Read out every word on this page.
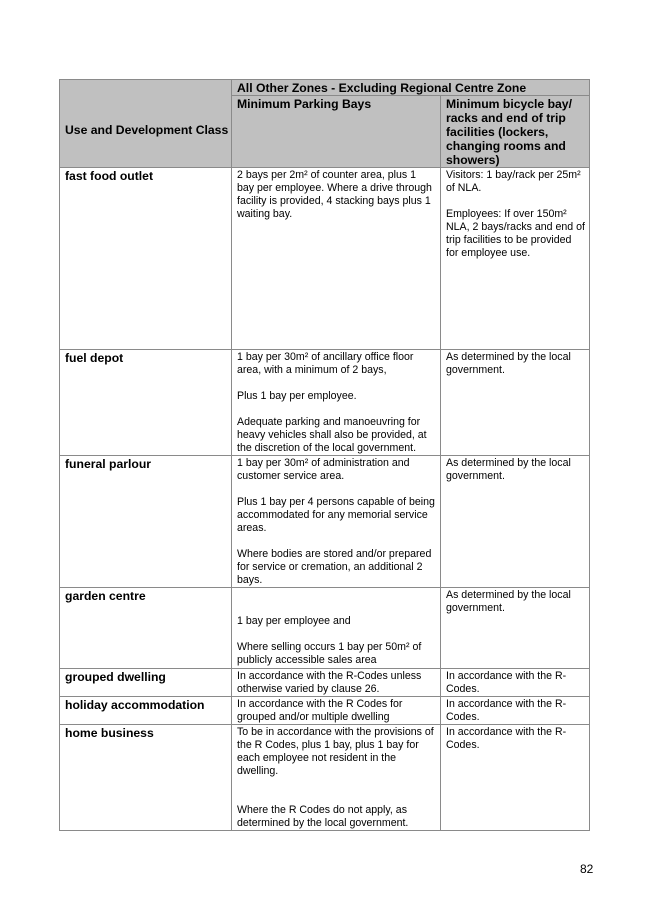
Use and Development Class	All Other Zones - Excluding Regional Centre Zone	
	Minimum Parking Bays	Minimum bicycle bay/ racks and end of trip facilities (lockers, changing rooms and showers)
fast food outlet	2 bays per 2m² of counter area, plus 1 bay per employee. Where a drive through facility is provided, 4 stacking bays plus 1 waiting bay.	Visitors: 1 bay/rack per 25m² of NLA.

Employees: If over 150m² NLA, 2 bays/racks and end of trip facilities to be provided for employee use.

fuel depot	1 bay per 30m² of ancillary office floor area, with a minimum of 2 bays,

Plus 1 bay per employee.

Adequate parking and manoeuvring for heavy vehicles shall also be provided, at the discretion of the local government.	As determined by the local government.

funeral parlour	1 bay per 30m² of administration and customer service area.

Plus 1 bay per 4 persons capable of being accommodated for any memorial service areas.

Where bodies are stored and/or prepared for service or cremation, an additional 2 bays.	As determined by the local government.

garden centre	1 bay per employee and

Where selling occurs 1 bay per 50m² of publicly accessible sales area	As determined by the local government.

grouped dwelling	In accordance with the R-Codes unless otherwise varied by clause 26.	In accordance with the R-Codes.

holiday accommodation	In accordance with the R Codes for grouped and/or multiple dwelling	In accordance with the R-Codes.

home business	To be in accordance with the provisions of the R Codes, plus 1 bay, plus 1 bay for each employee not resident in the dwelling.

Where the R Codes do not apply, as determined by the local government.	In accordance with the R-Codes.

82
